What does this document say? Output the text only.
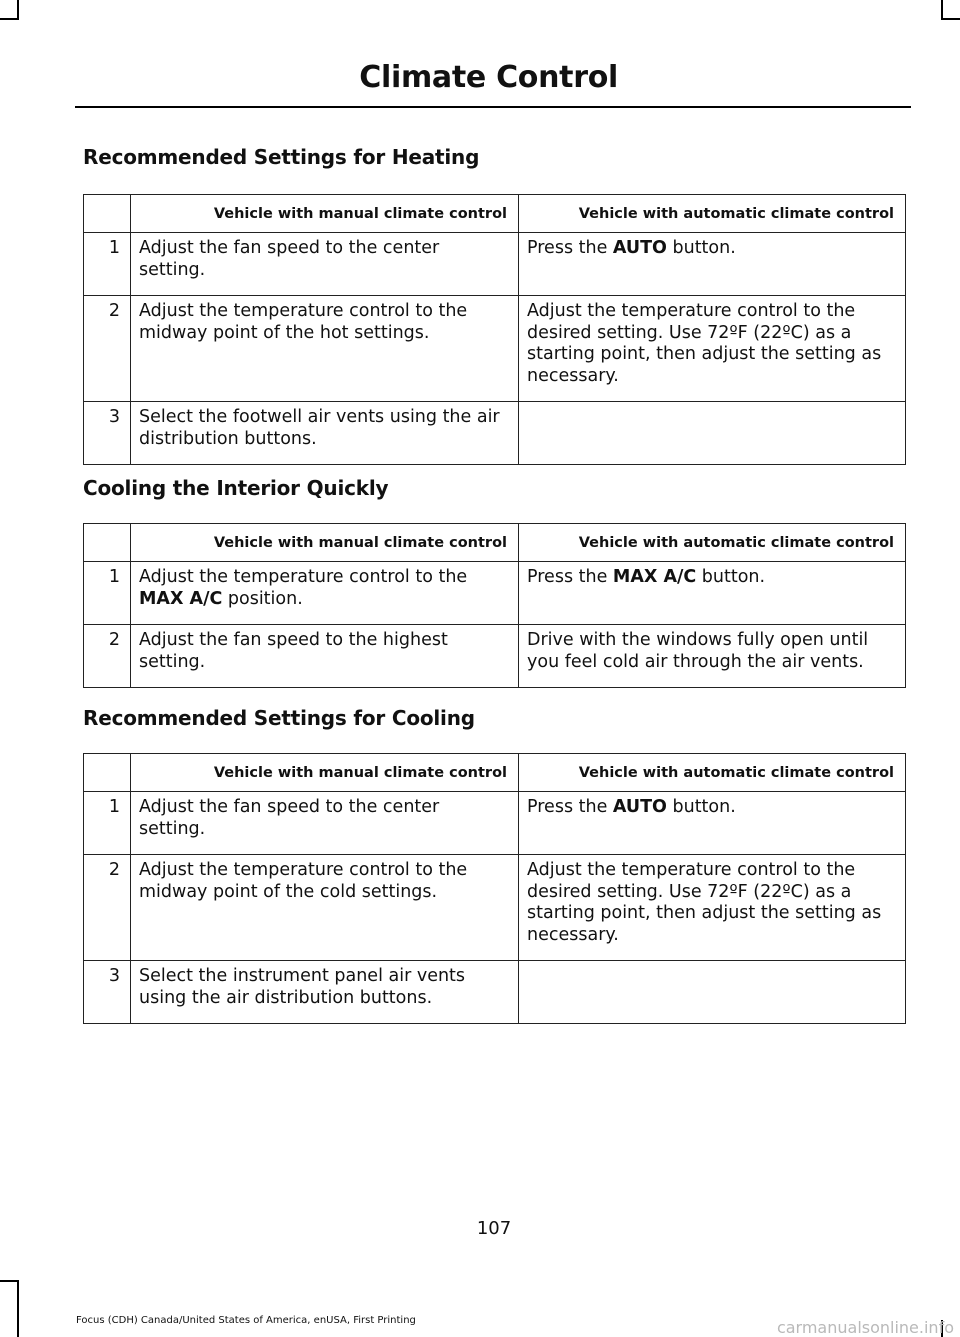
Climate Control
Recommended Settings for Heating
	Vehicle with manual climate control	Vehicle with automatic climate control
1	Adjust the fan speed to the center setting.	Press the AUTO button.
2	Adjust the temperature control to the midway point of the hot settings.	Adjust the temperature control to the desired setting. Use 72ºF (22ºC) as a starting point, then adjust the setting as necessary.
3	Select the footwell air vents using the air distribution buttons.	
Cooling the Interior Quickly
	Vehicle with manual climate control	Vehicle with automatic climate control
1	Adjust the temperature control to the MAX A/C position.	Press the MAX A/C button.
2	Adjust the fan speed to the highest setting.	Drive with the windows fully open until you feel cold air through the air vents.
Recommended Settings for Cooling
	Vehicle with manual climate control	Vehicle with automatic climate control
1	Adjust the fan speed to the center setting.	Press the AUTO button.
2	Adjust the temperature control to the midway point of the cold settings.	Adjust the temperature control to the desired setting. Use 72ºF (22ºC) as a starting point, then adjust the setting as necessary.
3	Select the instrument panel air vents using the air distribution buttons.	
107
Focus (CDH) Canada/United States of America, enUSA, First Printing	carmanualsonline.info
